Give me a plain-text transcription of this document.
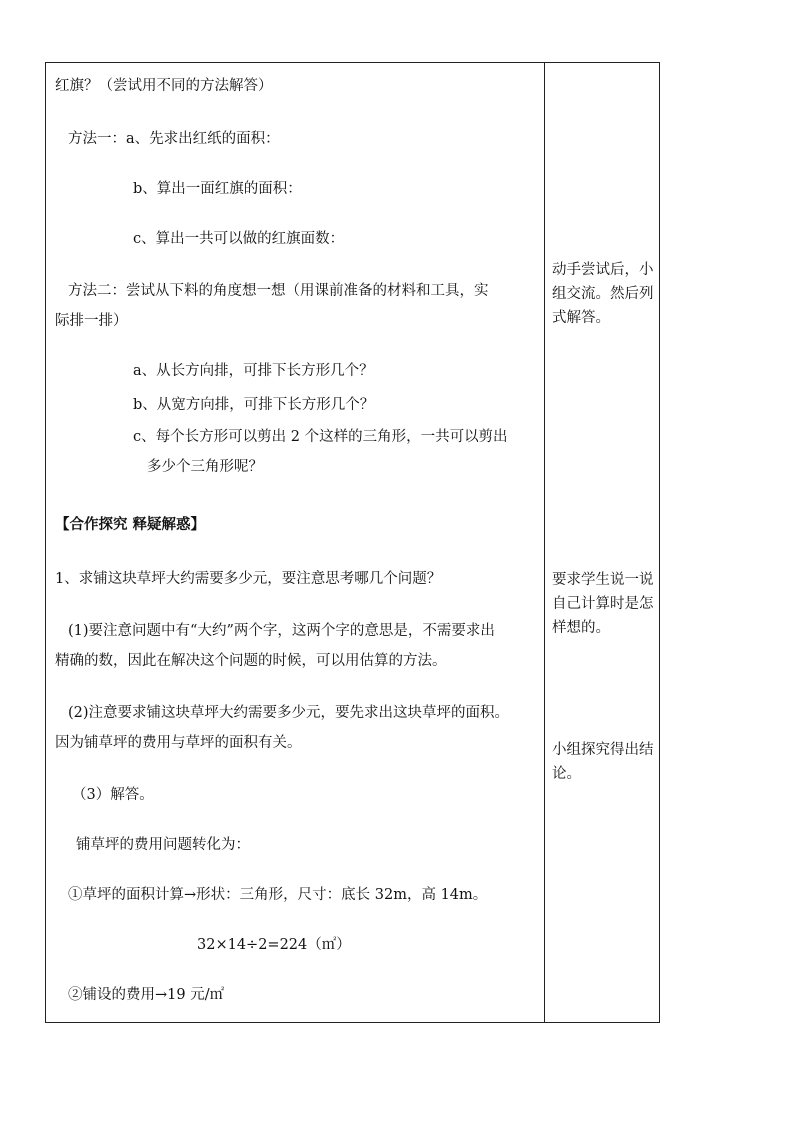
红旗？（尝试用不同的方法解答）
方法一：a、先求出红纸的面积：
b、算出一面红旗的面积：
c、算出一共可以做的红旗面数：
方法二：尝试从下料的角度想一想（用课前准备的材料和工具，实
际排一排）
a、从长方向排，可排下长方形几个？
b、从宽方向排，可排下长方形几个？
c、每个长方形可以剪出 2 个这样的三角形，一共可以剪出
多少个三角形呢？
【合作探究 释疑解惑】
1、求铺这块草坪大约需要多少元，要注意思考哪几个问题？
(1)要注意问题中有“大约”两个字，这两个字的意思是，不需要求出
精确的数，因此在解决这个问题的时候，可以用估算的方法。
(2)注意要求铺这块草坪大约需要多少元，要先求出这块草坪的面积。
因为铺草坪的费用与草坪的面积有关。
（3）解答。
铺草坪的费用问题转化为：
①草坪的面积计算→形状：三角形，尺寸：底长 32m，高 14m。
32×14÷2=224（㎡）
②铺设的费用→19 元/㎡
动手尝试后，小组交流。然后列式解答。
要求学生说一说自己计算时是怎样想的。
小组探究得出结论。
